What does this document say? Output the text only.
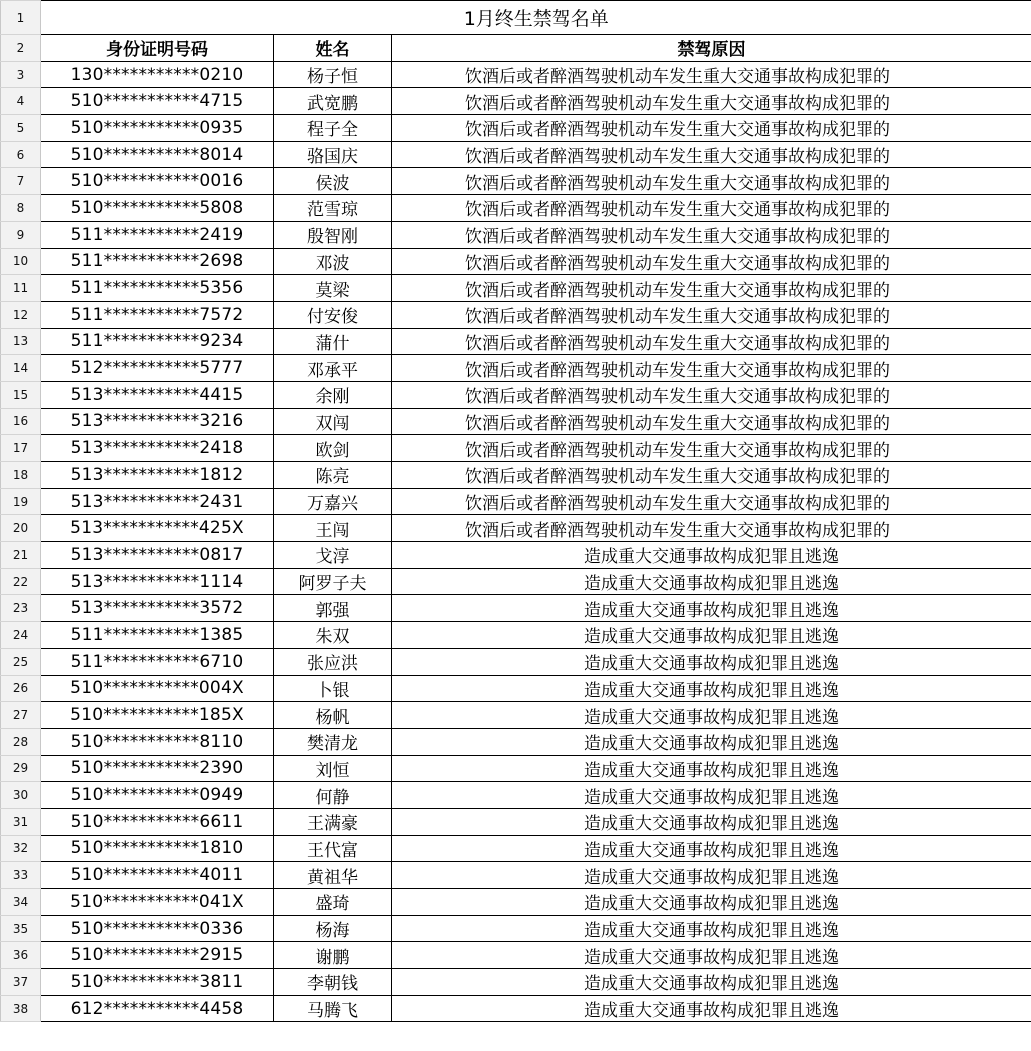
1	1月终生禁驾名单		
2	身份证明号码	姓名	禁驾原因
3	130***********0210	杨子恒	饮酒后或者醉酒驾驶机动车发生重大交通事故构成犯罪的
4	510***********4715	武宽鹏	饮酒后或者醉酒驾驶机动车发生重大交通事故构成犯罪的
5	510***********0935	程子全	饮酒后或者醉酒驾驶机动车发生重大交通事故构成犯罪的
6	510***********8014	骆国庆	饮酒后或者醉酒驾驶机动车发生重大交通事故构成犯罪的
7	510***********0016	侯波	饮酒后或者醉酒驾驶机动车发生重大交通事故构成犯罪的
8	510***********5808	范雪琼	饮酒后或者醉酒驾驶机动车发生重大交通事故构成犯罪的
9	511***********2419	殷智刚	饮酒后或者醉酒驾驶机动车发生重大交通事故构成犯罪的
10	511***********2698	邓波	饮酒后或者醉酒驾驶机动车发生重大交通事故构成犯罪的
11	511***********5356	莫梁	饮酒后或者醉酒驾驶机动车发生重大交通事故构成犯罪的
12	511***********7572	付安俊	饮酒后或者醉酒驾驶机动车发生重大交通事故构成犯罪的
13	511***********9234	蒲什	饮酒后或者醉酒驾驶机动车发生重大交通事故构成犯罪的
14	512***********5777	邓承平	饮酒后或者醉酒驾驶机动车发生重大交通事故构成犯罪的
15	513***********4415	余刚	饮酒后或者醉酒驾驶机动车发生重大交通事故构成犯罪的
16	513***********3216	双闯	饮酒后或者醉酒驾驶机动车发生重大交通事故构成犯罪的
17	513***********2418	欧剑	饮酒后或者醉酒驾驶机动车发生重大交通事故构成犯罪的
18	513***********1812	陈亮	饮酒后或者醉酒驾驶机动车发生重大交通事故构成犯罪的
19	513***********2431	万嘉兴	饮酒后或者醉酒驾驶机动车发生重大交通事故构成犯罪的
20	513***********425X	王闯	饮酒后或者醉酒驾驶机动车发生重大交通事故构成犯罪的
21	513***********0817	戈淳	造成重大交通事故构成犯罪且逃逸
22	513***********1114	阿罗子夫	造成重大交通事故构成犯罪且逃逸
23	513***********3572	郭强	造成重大交通事故构成犯罪且逃逸
24	511***********1385	朱双	造成重大交通事故构成犯罪且逃逸
25	511***********6710	张应洪	造成重大交通事故构成犯罪且逃逸
26	510***********004X	卜银	造成重大交通事故构成犯罪且逃逸
27	510***********185X	杨帆	造成重大交通事故构成犯罪且逃逸
28	510***********8110	樊清龙	造成重大交通事故构成犯罪且逃逸
29	510***********2390	刘恒	造成重大交通事故构成犯罪且逃逸
30	510***********0949	何静	造成重大交通事故构成犯罪且逃逸
31	510***********6611	王满豪	造成重大交通事故构成犯罪且逃逸
32	510***********1810	王代富	造成重大交通事故构成犯罪且逃逸
33	510***********4011	黄祖华	造成重大交通事故构成犯罪且逃逸
34	510***********041X	盛琦	造成重大交通事故构成犯罪且逃逸
35	510***********0336	杨海	造成重大交通事故构成犯罪且逃逸
36	510***********2915	谢鹏	造成重大交通事故构成犯罪且逃逸
37	510***********3811	李朝钱	造成重大交通事故构成犯罪且逃逸
38	612***********4458	马腾飞	造成重大交通事故构成犯罪且逃逸
